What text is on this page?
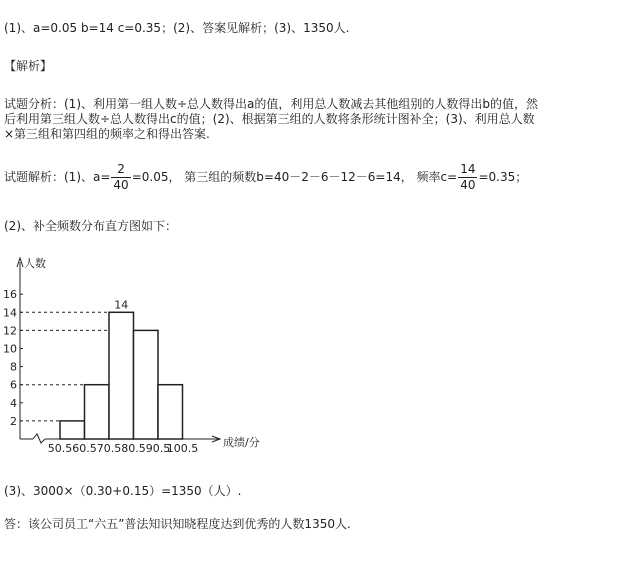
(1)、a=0.05 b=14 c=0.35；(2)、答案见解析；(3)、1350人.
【解析】
试题分析：(1)、利用第一组人数÷总人数得出a的值，利用总人数减去其他组别的人数得出b的值，然
后利用第三组人数÷总人数得出c的值；(2)、根据第三组的人数将条形统计图补全；(3)、利用总人数
×第三组和第四组的频率之和得出答案.
试题解析：(1)、$a= \frac{2}{40} =0.05$， 第三组的频数b=40－2－6－12－6=14， 频率$c= \frac{14}{40} =0.35$；
(2)、补全频数分布直方图如下：
人数
成绩/分
2
4
6
8
10
12
14
16
14
50.5 60.5 70.5 80.5 90.5
100.5
(3)、3000×（0.30+0.15）=1350（人）.
答：该公司员工“六五”普法知识知晓程度达到优秀的人数1350人.
